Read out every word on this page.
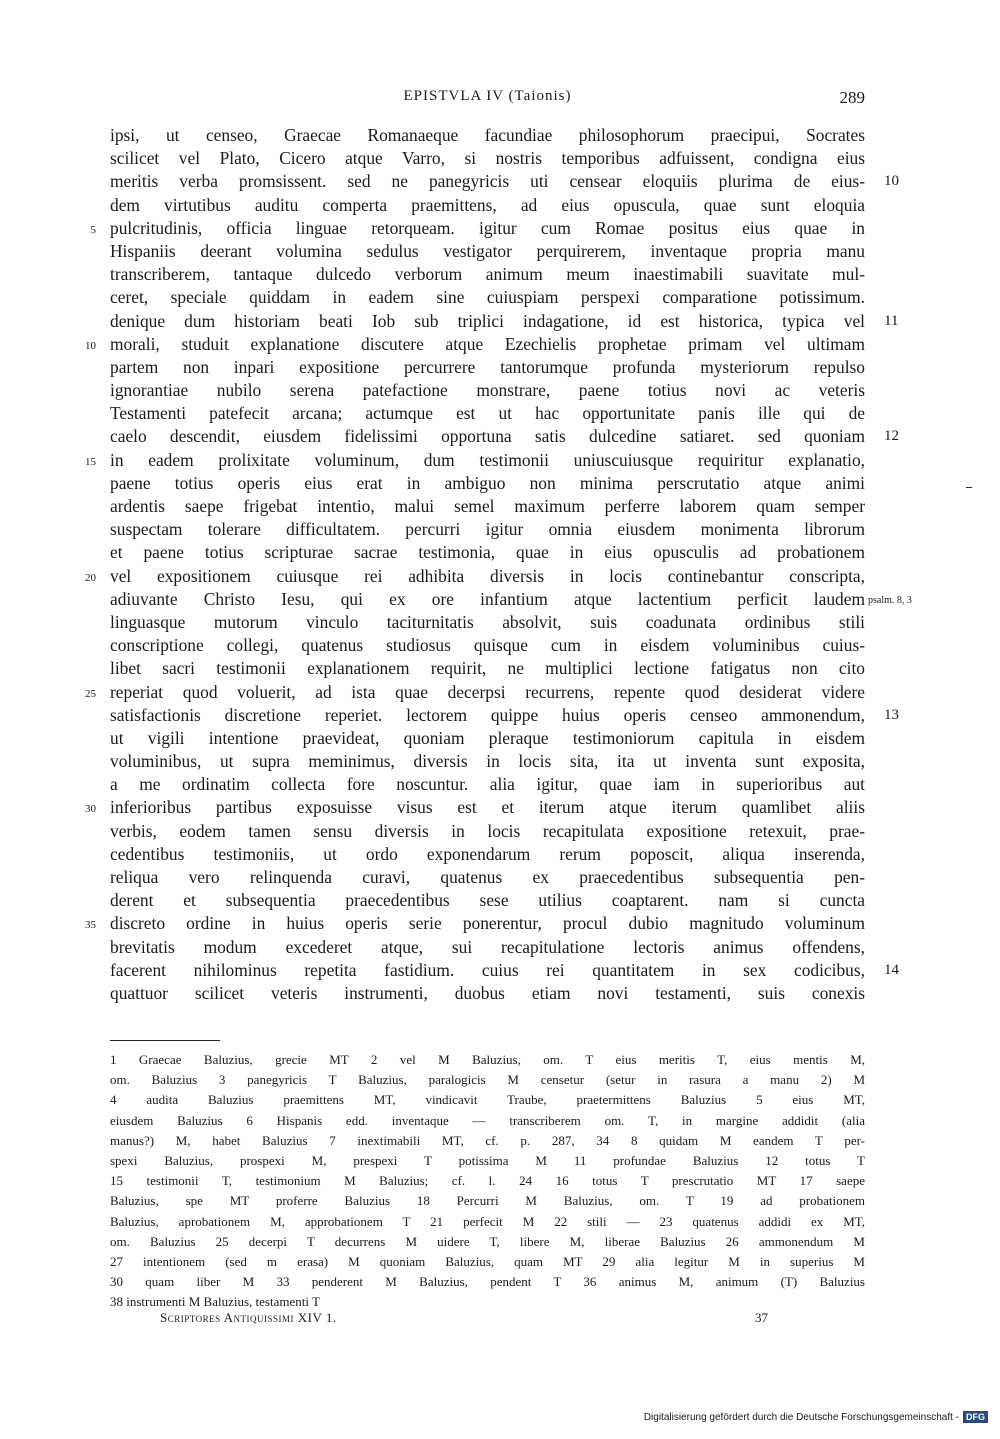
EPISTVLA IV (Taionis)	289
ipsi, ut censeo, Graecae Romanaeque facundiae philosophorum praecipui, Socrates
scilicet vel Plato, Cicero atque Varro, si nostris temporibus adfuissent, condigna eius
meritis verba promsissent. sed ne panegyricis uti censear eloquiis plurima de eius- 10
dem virtutibus auditu comperta praemittens, ad eius opuscula, quae sunt eloquia
5 pulcritudinis, officia linguae retorqueam. igitur cum Romae positus eius quae in
Hispaniis deerant volumina sedulus vestigator perquirerem, inventaque propria manu
transcriberem, tantaque dulcedo verborum animum meum inaestimabili suavitate mul-
ceret, speciale quiddam in eadem sine cuiuspiam perspexi comparatione potissimum.
denique dum historiam beati Iob sub triplici indagatione, id est historica, typica vel 11
10 morali, studuit explanatione discutere atque Ezechielis prophetae primam vel ultimam
partem non inpari expositione percurrere tantorumque profunda mysteriorum repulso
ignorantiae nubilo serena patefactione monstrare, paene totius novi ac veteris
Testamenti patefecit arcana; actumque est ut hac opportunitate panis ille qui de
caelo descendit, eiusdem fidelissimi opportuna satis dulcedine satiaret. sed quoniam 12
15 in eadem prolixitate voluminum, dum testimonii uniuscuiusque requiritur explanatio,
paene totius operis eius erat in ambiguo non minima perscrutatio atque animi
ardentis saepe frigebat intentio, malui semel maximum perferre laborem quam semper
suspectam tolerare difficultatem. percurri igitur omnia eiusdem monimenta librorum
et paene totius scripturae sacrae testimonia, quae in eius opusculis ad probationem
20 vel expositionem cuiusque rei adhibita diversis in locis continebantur conscripta,
adiuvante Christo Iesu, qui ex ore infantium atque lactentium perficit laudem psalm. 8, 3
linguasque mutorum vinculo taciturnitatis absolvit, suis coadunata ordinibus stili
conscriptione collegi, quatenus studiosus quisque cum in eisdem voluminibus cuius-
libet sacri testimonii explanationem requirit, ne multiplici lectione fatigatus non cito
25 reperiat quod voluerit, ad ista quae decerpsi recurrens, repente quod desiderat videre
satisfactionis discretione reperiet. lectorem quippe huius operis censeo ammonendum, 13
ut vigili intentione praevideat, quoniam pleraque testimoniorum capitula in eisdem
voluminibus, ut supra meminimus, diversis in locis sita, ita ut inventa sunt exposita,
a me ordinatim collecta fore noscuntur. alia igitur, quae iam in superioribus aut
30 inferioribus partibus exposuisse visus est et iterum atque iterum quamlibet aliis
verbis, eodem tamen sensu diversis in locis recapitulata expositione retexuit, prae-
cedentibus testimoniis, ut ordo exponendarum rerum poposcit, aliqua inserenda,
reliqua vero relinquenda curavi, quatenus ex praecedentibus subsequentia pen-
derent et subsequentia praecedentibus sese utilius coaptarent. nam si cuncta
35 discreto ordine in huius operis serie ponerentur, procul dubio magnitudo voluminum
brevitatis modum excederet atque, sui recapitulatione lectoris animus offendens,
facerent nihilominus repetita fastidium. cuius rei quantitatem in sex codicibus, 14
quattuor scilicet veteris instrumenti, duobus etiam novi testamenti, suis conexis
1 Graecae Baluzius, grecie MT 2 vel M Baluzius, om. T eius meritis T, eius mentis M,
om. Baluzius 3 panegyricis T Baluzius, paralogicis M censetur (setur in rasura a manu 2) M
4 audita Baluzius praemittens MT, vindicavit Traube, praetermittens Baluzius 5 eius MT,
eiusdem Baluzius 6 Hispanis edd. inventaque — transcriberem om. T, in margine addidit (alia
manus?) M, habet Baluzius 7 inextimabili MT, cf. p. 287, 34 8 quidam M eandem T per-
spexi Baluzius, prospexi M, prespexi T potissima M 11 profundae Baluzius 12 totus T
15 testimonii T, testimonium M Baluzius; cf. l. 24 16 totus T prescrutatio MT 17 saepe
Baluzius, spe MT proferre Baluzius 18 Percurri M Baluzius, om. T 19 ad probationem
Baluzius, aprobationem M, approbationem T 21 perfecit M 22 stili — 23 quatenus addidi ex MT,
om. Baluzius 25 decerpi T decurrens M uidere T, libere M, liberae Baluzius 26 ammonendum M
27 intentionem (sed m erasa) M quoniam Baluzius, quam MT 29 alia legitur M in superius M
30 quam liber M 33 penderent M Baluzius, pendent T 36 animus M, animum (T) Baluzius
38 instrumenti M Baluzius, testamenti T
Scriptores Antiquissimi XIV 1.	37
Digitalisierung gefördert durch die Deutsche Forschungsgemeinschaft - DFG
